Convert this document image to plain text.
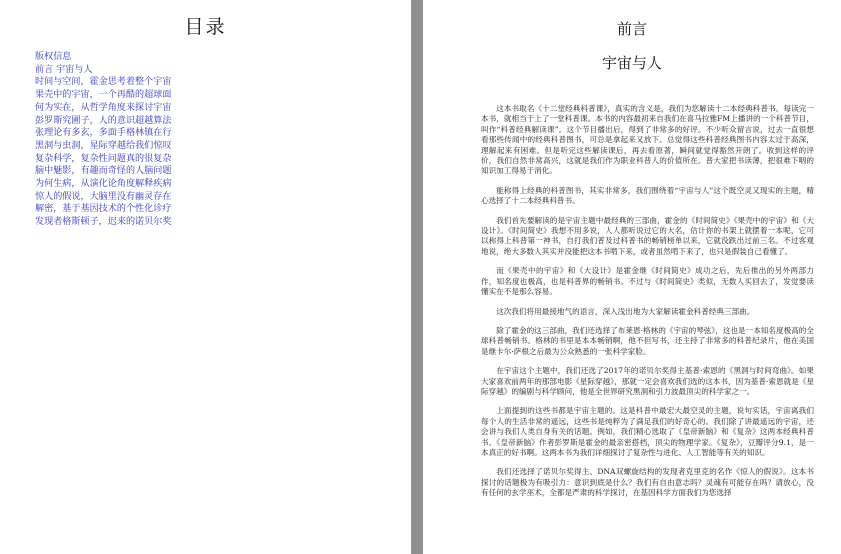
目录
版权信息
前言 宇宙与人
时间与空间，霍金思考着整个宇宙
果壳中的宇宙，一个再酷的超球面
何为实在，从哲学角度来探讨宇宙
彭罗斯究圃子，人的意识超越算法
张理论有多玄，多面手格林镇在行
黑洞与虫洞，星际穿越给我们惊叹
复杂科学，复杂性问题真的很复杂
脑中魅影，有趣而奇怪的人脑问题
为何生病，从演化论角度解释疾病
惊人的假说，大脑里没有幽灵存在
解密，基于基因技术的个性化诊疗
发现者格斯顿子，迟来的诺贝尔奖
前言
宇宙与人

这本书取名《十二堂经典科普课》，真实的含义是，我们为您解读十二本经典科普书。每读完一本书，就相当于上了一堂科普课。本书的内容最初来自我们在喜马拉雅FM上播讲的一个科普节目，叫作“科普经典解读课”。这个节目播出后，得到了非常多的好评。不少听众留言说，过去一直很想看那些传闻中的经典科普图书，可总是拿起来又放下。总觉得这些科普经典图书内容太过于高深，理解起来有困难。但是听完这些解读课后，再去看原著，瞬间就觉得豁然开朗了。收到这样的评价，我们自然非常高兴，这就是我们作为职业科普人的价值所在。普大家把书读薄，把很难下咽的知识加工得易于消化。

能称得上经典的科普图书，其实非常多，我们围绕着“宇宙与人”这个既空灵又现实的主题，精心选择了十二本经典科普书。

我们首先要解读的是宇宙主题中最经典的三部曲，霍金的《时间简史》《果壳中的宇宙》和《大设计》。《时间简史》我想不用多说，人人都听说过它的大名，估计你的书架上就摆着一本呢，它可以称得上科普第一神书，自打我们普及过科普书的畅销榜单以来，它就没跌出过前三名。不过客观地说，绝大多数人其实并没能把这本书啃下来，或者虽然啃下来了，也只是假装自己看懂了。

而《果壳中的宇宙》和《大设计》是霍金继《时间简史》成功之后，先后推出的另外两部力作，知名度也极高，也是科普界的畅销书。不过与《时间简史》类似，无数人买回去了，发觉要读懂实在不是那么容易。

这次我们将用最接地气的语言，深入浅出地为大家解读霍金科普经典三部曲。

除了霍金的这三部曲，我们还选择了布莱恩·格林的《宇宙的琴弦》，这也是一本知名度极高的全球科普畅销书。格林的书里是本本畅销啊，他不但写书，还主持了非常多的科普纪录片，他在美国是继卡尔·萨根之后最为公众熟悉的一张科学家脸。

在宇宙这个主题中，我们还选了2017年的诺贝尔奖得主基普·索恩的《黑洞与时间弯曲》。如果大家喜欢前两年的那部电影《星际穿越》，那就一定会喜欢我们选的这本书，因为基普·索恩就是《星际穿越》的编剧与科学顾问，他是全世界研究黑洞和引力波最顶尖的科学家之一。

上面提到的这些书都是宇宙主题的。这是科普中最宏大最空灵的主题，说句实话，宇宙离我们每个人的生活非常的遥远，这些书是纯粹为了满足我们的好奇心的。我们除了讲最遥远的宇宙，还会讲与我们人类自身有关的话题。例如，我们精心选取了《皇帝新脑》和《复杂》这两本经典科普书。《皇帝新脑》作者彭罗斯是霍金的最亲密搭档，顶尖的物理学家。《复杂》，豆瓣评分9.1，是一本真正的好书啊。这两本书为我们详细探讨了复杂性与进化、人工智能等有关的知识。

我们还选择了诺贝尔奖得主、DNA双螺旋结构的发现者克里克的名作《惊人的假说》。这本书探讨的话题极为有吸引力：意识到底是什么？我们有自由意志吗？灵魂有可能存在吗？请放心，没有任何的玄学巫术，全都是严肃的科学探讨，在基因科学方面我们为您选择
